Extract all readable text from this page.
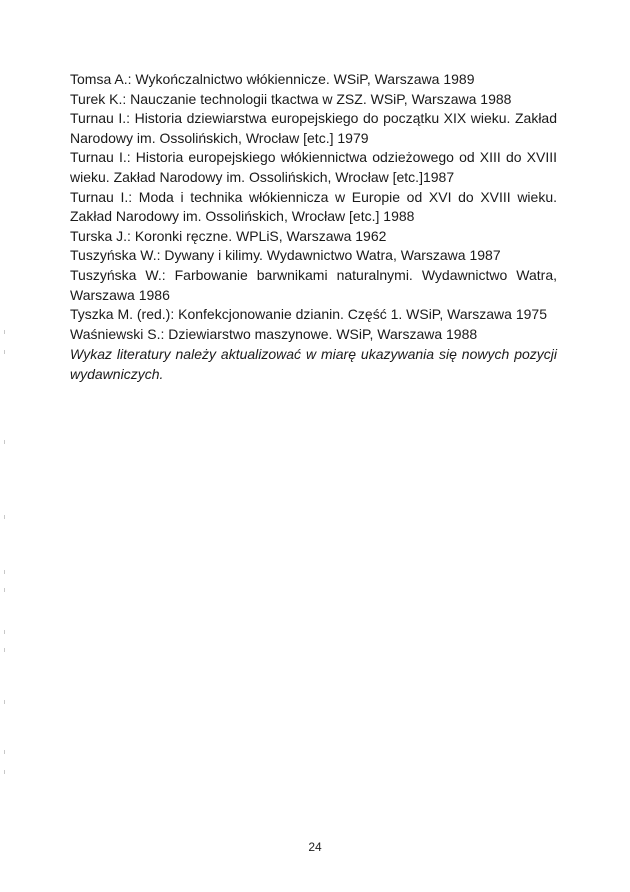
Tomsa A.: Wykończalnictwo włókiennicze. WSiP, Warszawa 1989
Turek K.: Nauczanie technologii tkactwa w ZSZ. WSiP, Warszawa 1988
Turnau I.: Historia dziewiarstwa europejskiego do początku XIX wieku. Zakład Narodowy im. Ossolińskich, Wrocław [etc.] 1979
Turnau I.: Historia europejskiego włókiennictwa odzieżowego od XIII do XVIII wieku. Zakład Narodowy im. Ossolińskich, Wrocław [etc.]1987
Turnau I.: Moda i technika włókiennicza w Europie od XVI do XVIII wieku. Zakład Narodowy im. Ossolińskich, Wrocław [etc.] 1988
Turska J.: Koronki ręczne. WPLiS, Warszawa 1962
Tuszyńska W.: Dywany i kilimy. Wydawnictwo Watra, Warszawa 1987
Tuszyńska W.: Farbowanie barwnikami naturalnymi. Wydawnictwo Watra, Warszawa 1986
Tyszka M. (red.): Konfekcjonowanie dzianin. Część 1. WSiP, Warszawa 1975
Waśniewski S.: Dziewiarstwo maszynowe. WSiP, Warszawa 1988

Wykaz literatury należy aktualizować w miarę ukazywania się nowych pozycji wydawniczych.

24
